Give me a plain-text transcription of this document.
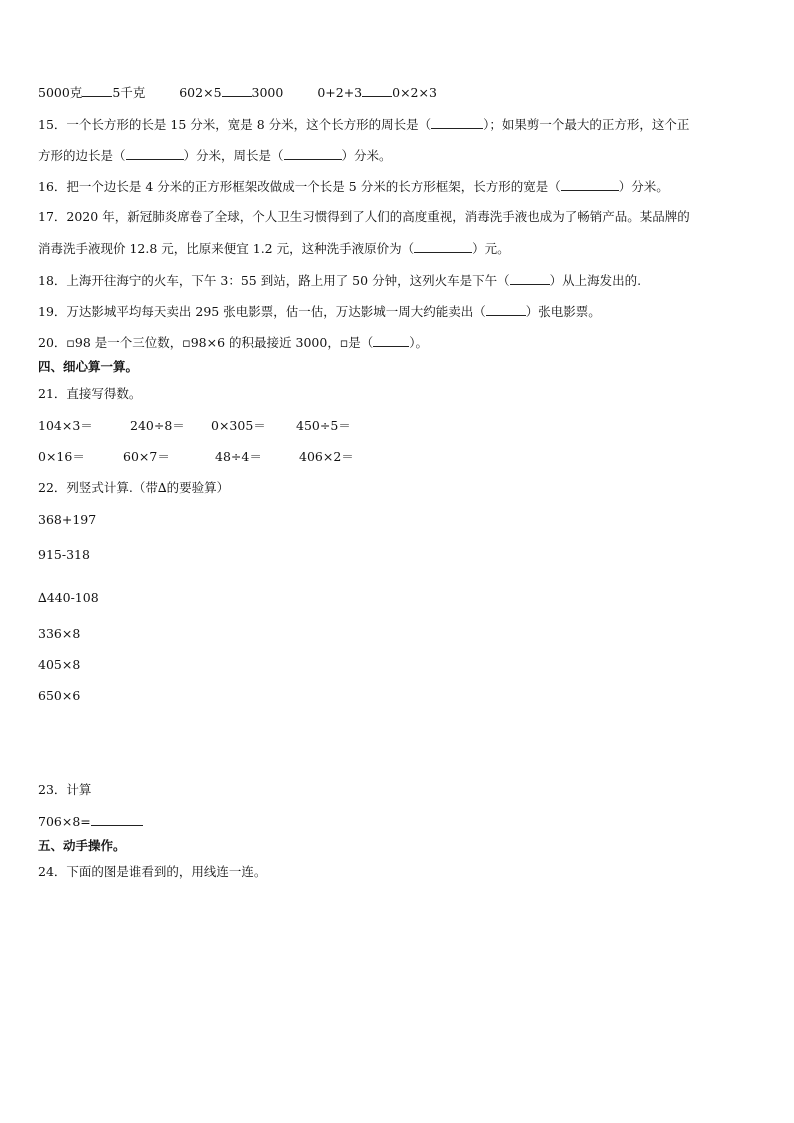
5000克 5千克	602×5 3000	0+2+3 0×2×3
15．一个长方形的长是 15 分米，宽是 8 分米，这个长方形的周长是（	）；如果剪一个最大的正方形，这个正
方形的边长是（	）分米，周长是（	）分米。
16．把一个边长是 4 分米的正方形框架改做成一个长是 5 分米的长方形框架，长方形的宽是（	）分米。
17．2020 年，新冠肺炎席卷了全球，个人卫生习惯得到了人们的高度重视，消毒洗手液也成为了畅销产品。某品牌的
消毒洗手液现价 12.8 元，比原来便宜 1.2 元，这种洗手液原价为（	）元。
18．上海开往海宁的火车，下午 3：55 到站，路上用了 50 分钟，这列火车是下午（	）从上海发出的.
19．万达影城平均每天卖出 295 张电影票，估一估，万达影城一周大约能卖出（	）张电影票。
20．▫98 是一个三位数，▫98×6 的积最接近 3000，▫是（	）。
四、细心算一算。
21．直接写得数。
104×3＝	240÷8＝ 0×305＝ 450÷5＝
0×16＝	60×7＝	48÷4＝	406×2＝
22．列竖式计算.（带∆的要验算）
368+197
915-318
∆440-108
336×8
405×8
650×6
23．计算
706×8=
五、动手操作。
24．下面的图是谁看到的，用线连一连。
